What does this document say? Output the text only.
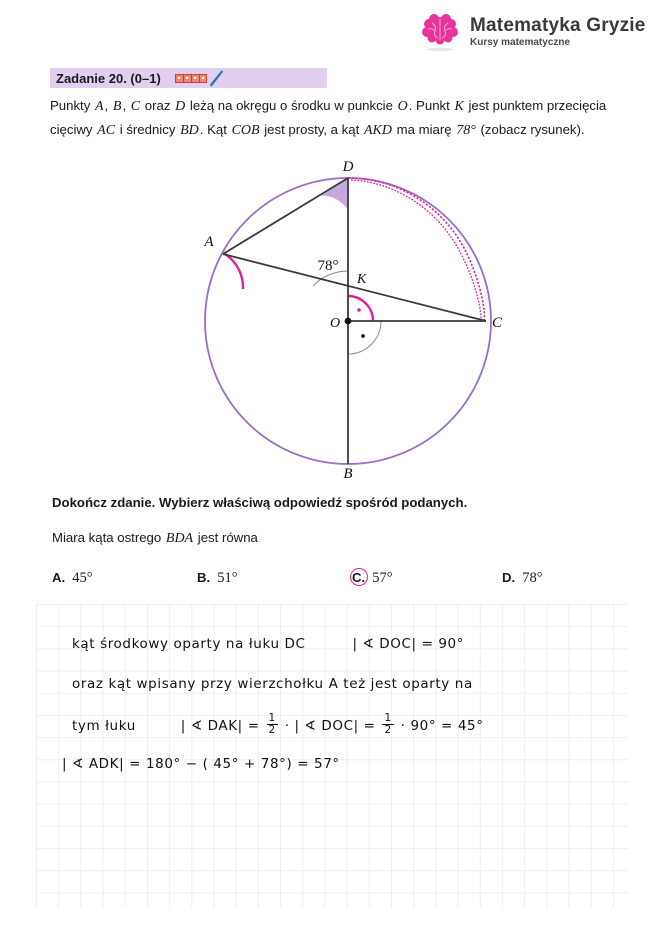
Matematyka Gryzie
Kursy matematyczne
Zadanie 20. (0–1)
Punkty A, B, C oraz D leżą na okręgu o środku w punkcie O. Punkt K jest punktem przecięcia cięciwy AC i średnicy BD. Kąt COB jest prosty, a kąt AKD ma miarę 78° (zobacz rysunek).
D
B
A
C
K
O
78°
Dokończ zdanie. Wybierz właściwą odpowiedź spośród podanych.
Miara kąta ostrego BDA jest równa
A. 45°	B. 51°	C. 57°	D. 78°
kąt środkowy oparty na łuku DC	| ∢ DOC| = 90°
oraz kąt wpisany przy wierzchołku A też jest oparty na
tym łuku	| ∢ $DAK| = \frac{1}{2}$ · | ∢ $DOC| = \frac{1}{2} \cdot 90^\circ = 45^\circ$
| ∢ ADK| = 180° − ( 45° + 78°) = 57°
